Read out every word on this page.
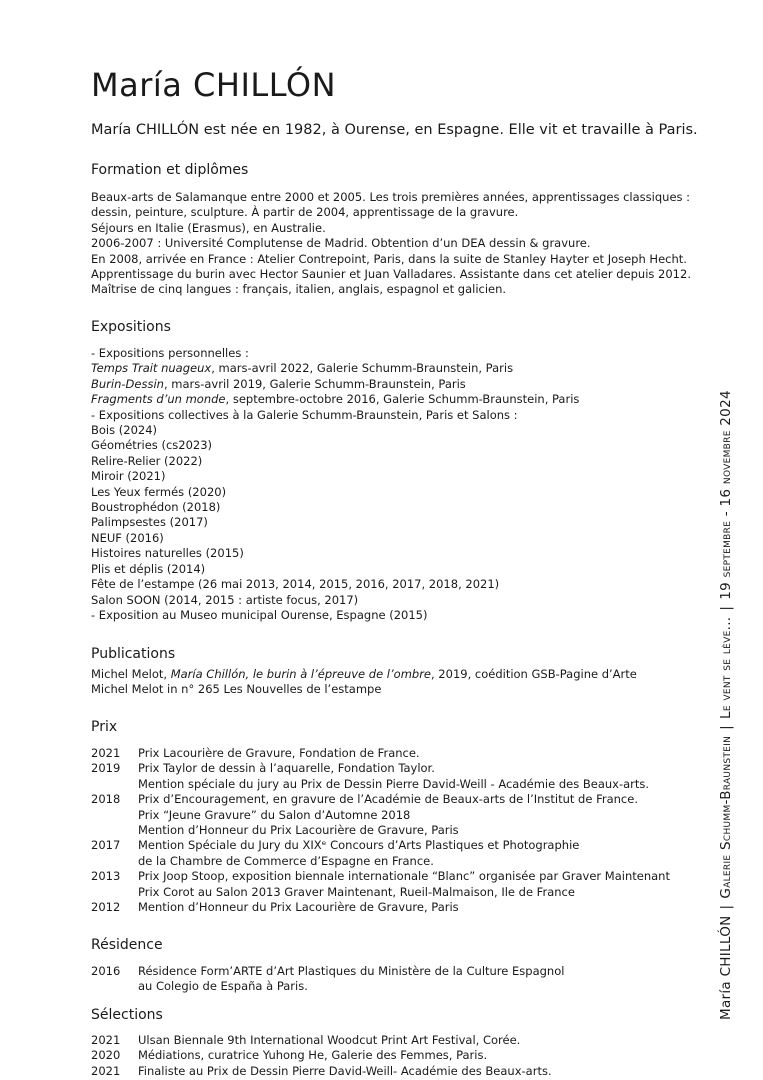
María CHILLÓN

María CHILLÓN est née en 1982, à Ourense, en Espagne. Elle vit et travaille à Paris.

Formation et diplômes
Beaux-arts de Salamanque entre 2000 et 2005. Les trois premières années, apprentissages classiques :
dessin, peinture, sculpture. À partir de 2004, apprentissage de la gravure.
Séjours en Italie (Erasmus), en Australie.
2006-2007 : Université Complutense de Madrid. Obtention d’un DEA dessin & gravure.
En 2008, arrivée en France : Atelier Contrepoint, Paris, dans la suite de Stanley Hayter et Joseph Hecht.
Apprentissage du burin avec Hector Saunier et Juan Valladares. Assistante dans cet atelier depuis 2012.
Maîtrise de cinq langues : français, italien, anglais, espagnol et galicien.
Expositions
- Expositions personnelles :
Temps Trait nuageux, mars-avril 2022, Galerie Schumm-Braunstein, Paris
Burin-Dessin, mars-avril 2019, Galerie Schumm-Braunstein, Paris
Fragments d’un monde, septembre-octobre 2016, Galerie Schumm-Braunstein, Paris
- Expositions collectives à la Galerie Schumm-Braunstein, Paris et Salons :
Bois (2024)
Géométries (cs2023)
Relire-Relier (2022)
Miroir (2021)
Les Yeux fermés (2020)
Boustrophédon (2018)
Palimpsestes (2017)
NEUF (2016)
Histoires naturelles (2015)
Plis et déplis (2014)
Fête de l’estampe (26 mai 2013, 2014, 2015, 2016, 2017, 2018, 2021)
Salon SOON (2014, 2015 : artiste focus, 2017)
- Exposition au Museo municipal Ourense, Espagne (2015)
Publications
Michel Melot, María Chillón, le burin à l’épreuve de l’ombre, 2019, coédition GSB-Pagine d’Arte
Michel Melot in n° 265 Les Nouvelles de l’estampe
Prix
2021 Prix Lacourière de Gravure, Fondation de France.
2019 Prix Taylor de dessin à l’aquarelle, Fondation Taylor.
Mention spéciale du jury au Prix de Dessin Pierre David-Weill - Académie des Beaux-arts.
2018 Prix d’Encouragement, en gravure de l’Académie de Beaux-arts de l’Institut de France.
Prix “Jeune Gravure” du Salon d’Automne 2018
Mention d’Honneur du Prix Lacourière de Gravure, Paris
2017 Mention Spéciale du Jury du XIXᵉ Concours d’Arts Plastiques et Photographie
de la Chambre de Commerce d’Espagne en France.
2013 Prix Joop Stoop, exposition biennale internationale “Blanc” organisée par Graver Maintenant
Prix Corot au Salon 2013 Graver Maintenant, Rueil-Malmaison, Ile de France
2012 Mention d’Honneur du Prix Lacourière de Gravure, Paris
Résidence
2016 Résidence Form’ARTE d’Art Plastiques du Ministère de la Culture Espagnol
au Colegio de España à Paris.
Sélections
2021 Ulsan Biennale 9th International Woodcut Print Art Festival, Corée.
2020 Médiations, curatrice Yuhong He, Galerie des Femmes, Paris.
2021 Finaliste au Prix de Dessin Pierre David-Weill- Académie des Beaux-arts.
María CHILLÓN|Galerie Schumm-Braunstein|Le vent se lève...|19 septembre - 16 novembre 2024
